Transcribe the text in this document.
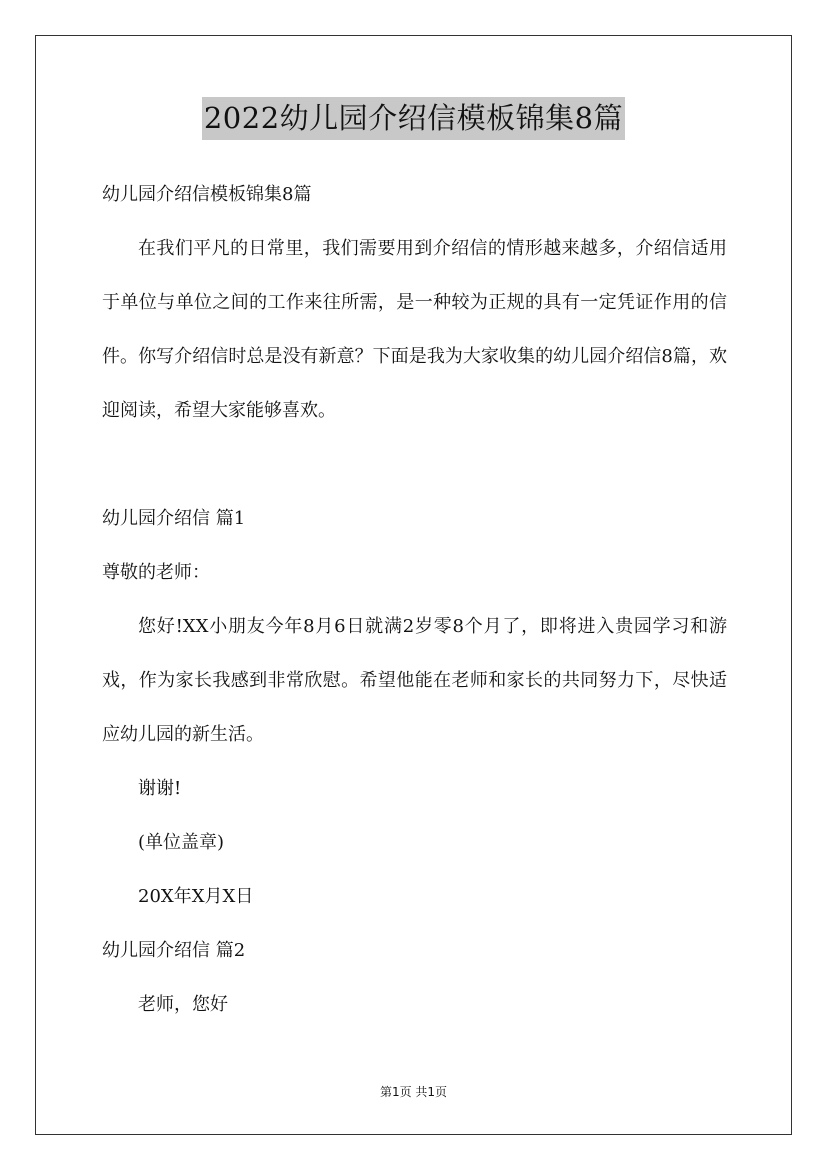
2022幼儿园介绍信模板锦集8篇

幼儿园介绍信模板锦集8篇

在我们平凡的日常里，我们需要用到介绍信的情形越来越多，介绍信适用于单位与单位之间的工作来往所需，是一种较为正规的具有一定凭证作用的信件。你写介绍信时总是没有新意？下面是我为大家收集的幼儿园介绍信8篇，欢迎阅读，希望大家能够喜欢。

幼儿园介绍信 篇1

尊敬的老师：

您好!XX小朋友今年8月6日就满2岁零8个月了，即将进入贵园学习和游戏，作为家长我感到非常欣慰。希望他能在老师和家长的共同努力下，尽快适应幼儿园的新生活。

谢谢!

(单位盖章)

20X年X月X日

幼儿园介绍信 篇2

老师，您好

第1页 共1页
